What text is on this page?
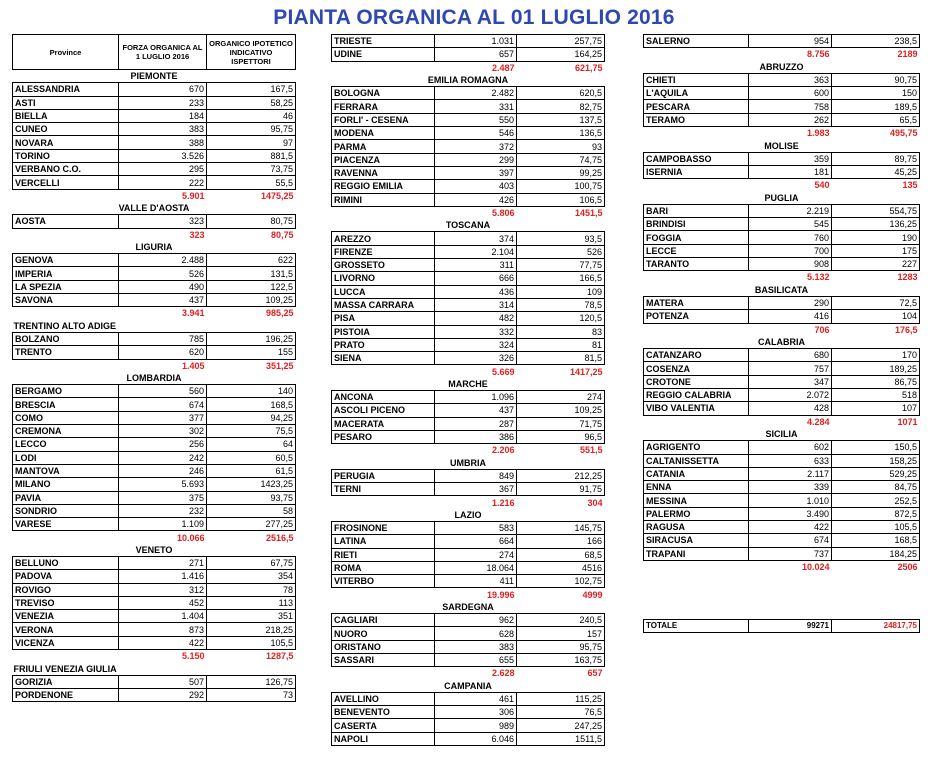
PIANTA ORGANICA AL 01 LUGLIO 2016
Province	FORZA ORGANICA AL 1 LUGLIO 2016	ORGANICO IPOTETICO INDICATIVO ISPETTORI
PIEMONTE		
ALESSANDRIA	670	167,5
ASTI	233	58,25
BIELLA	184	46
CUNEO	383	95,75
NOVARA	388	97
TORINO	3.526	881,5
VERBANO C.O.	295	73,75
VERCELLI	222	55,5
	5.901	1475,25
VALLE D'AOSTA		
AOSTA	323	80,75
	323	80,75
LIGURIA		
GENOVA	2.488	622
IMPERIA	526	131,5
LA SPEZIA	490	122,5
SAVONA	437	109,25
	3.941	985,25
TRENTINO ALTO ADIGE		
BOLZANO	785	196,25
TRENTO	620	155
	1.405	351,25
LOMBARDIA		
BERGAMO	560	140
BRESCIA	674	168,5
COMO	377	94,25
CREMONA	302	75,5
LECCO	256	64
LODI	242	60,5
MANTOVA	246	61,5
MILANO	5.693	1423,25
PAVIA	375	93,75
SONDRIO	232	58
VARESE	1.109	277,25
	10.066	2516,5
VENETO		
BELLUNO	271	67,75
PADOVA	1.416	354
ROVIGO	312	78
TREVISO	452	113
VENEZIA	1.404	351
VERONA	873	218,25
VICENZA	422	105,5
	5.150	1287,5
FRIULI VENEZIA GIULIA		
GORIZIA	507	126,75
PORDENONE	292	73
TRIESTE	1.031	257,75
UDINE	657	164,25
	2.487	621,75
EMILIA ROMAGNA		
BOLOGNA	2.482	620,5
FERRARA	331	82,75
FORLI' - CESENA	550	137,5
MODENA	546	136,5
PARMA	372	93
PIACENZA	299	74,75
RAVENNA	397	99,25
REGGIO EMILIA	403	100,75
RIMINI	426	106,5
	5.806	1451,5
TOSCANA		
AREZZO	374	93,5
FIRENZE	2.104	526
GROSSETO	311	77,75
LIVORNO	666	166,5
LUCCA	436	109
MASSA CARRARA	314	78,5
PISA	482	120,5
PISTOIA	332	83
PRATO	324	81
SIENA	326	81,5
	5.669	1417,25
MARCHE		
ANCONA	1.096	274
ASCOLI PICENO	437	109,25
MACERATA	287	71,75
PESARO	386	96,5
	2.206	551,5
UMBRIA		
PERUGIA	849	212,25
TERNI	367	91,75
	1.216	304
LAZIO		
FROSINONE	583	145,75
LATINA	664	166
RIETI	274	68,5
ROMA	18.064	4516
VITERBO	411	102,75
	19.996	4999
SARDEGNA		
CAGLIARI	962	240,5
NUORO	628	157
ORISTANO	383	95,75
SASSARI	655	163,75
	2.628	657
CAMPANIA		
AVELLINO	461	115,25
BENEVENTO	306	76,5
CASERTA	989	247,25
NAPOLI	6.046	1511,5
SALERNO	954	238,5
	8.756	2189
ABRUZZO		
CHIETI	363	90,75
L'AQUILA	600	150
PESCARA	758	189,5
TERAMO	262	65,5
	1.983	495,75
MOLISE		
CAMPOBASSO	359	89,75
ISERNIA	181	45,25
	540	135
PUGLIA		
BARI	2.219	554,75
BRINDISI	545	136,25
FOGGIA	760	190
LECCE	700	175
TARANTO	908	227
	5.132	1283
BASILICATA		
MATERA	290	72,5
POTENZA	416	104
	706	176,5
CALABRIA		
CATANZARO	680	170
COSENZA	757	189,25
CROTONE	347	86,75
REGGIO CALABRIA	2.072	518
VIBO VALENTIA	428	107
	4.284	1071
SICILIA		
AGRIGENTO	602	150,5
CALTANISSETTA	633	158,25
CATANIA	2.117	529,25
ENNA	339	84,75
MESSINA	1.010	252,5
PALERMO	3.490	872,5
RAGUSA	422	105,5
SIRACUSA	674	168,5
TRAPANI	737	184,25
	10.024	2506
TOTALE	99271	24817,75
